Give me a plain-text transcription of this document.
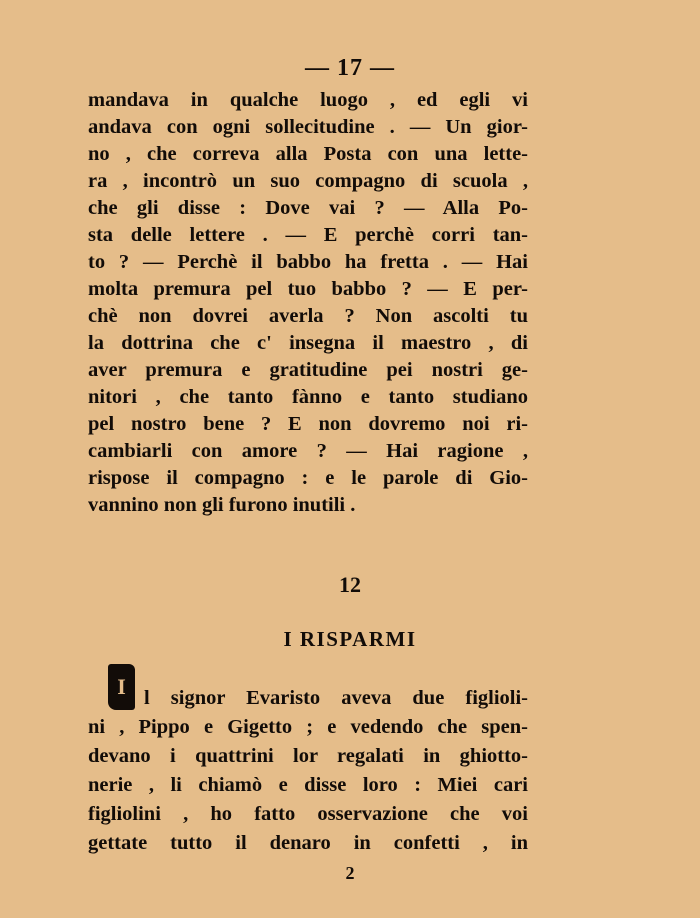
— 17 —
mandava in qualche luogo , ed egli vi
andava con ogni sollecitudine . — Un gior-
no , che correva alla Posta con una lette-
ra , incontrò un suo compagno di scuola ,
che gli disse : Dove vai ? — Alla Po-
sta delle lettere . — E perchè corri tan-
to ? — Perchè il babbo ha fretta . — Hai
molta premura pel tuo babbo ? — E per-
chè non dovrei averla ? Non ascolti tu
la dottrina che c' insegna il maestro , di
aver premura e gratitudine pei nostri ge-
nitori , che tanto fànno e tanto studiano
pel nostro bene ? E non dovremo noi ri-
cambiarli con amore ? — Hai ragione ,
rispose il compagno : e le parole di Gio-
vannino non gli furono inutili .
12
I RISPARMI
I l signor Evaristo aveva due figlioli-
ni , Pippo e Gigetto ; e vedendo che spen-
devano i quattrini lor regalati in ghiotto-
nerie , li chiamò e disse loro : Miei cari
figliolini , ho fatto osservazione che voi
gettate tutto il denaro in confetti , in
2
